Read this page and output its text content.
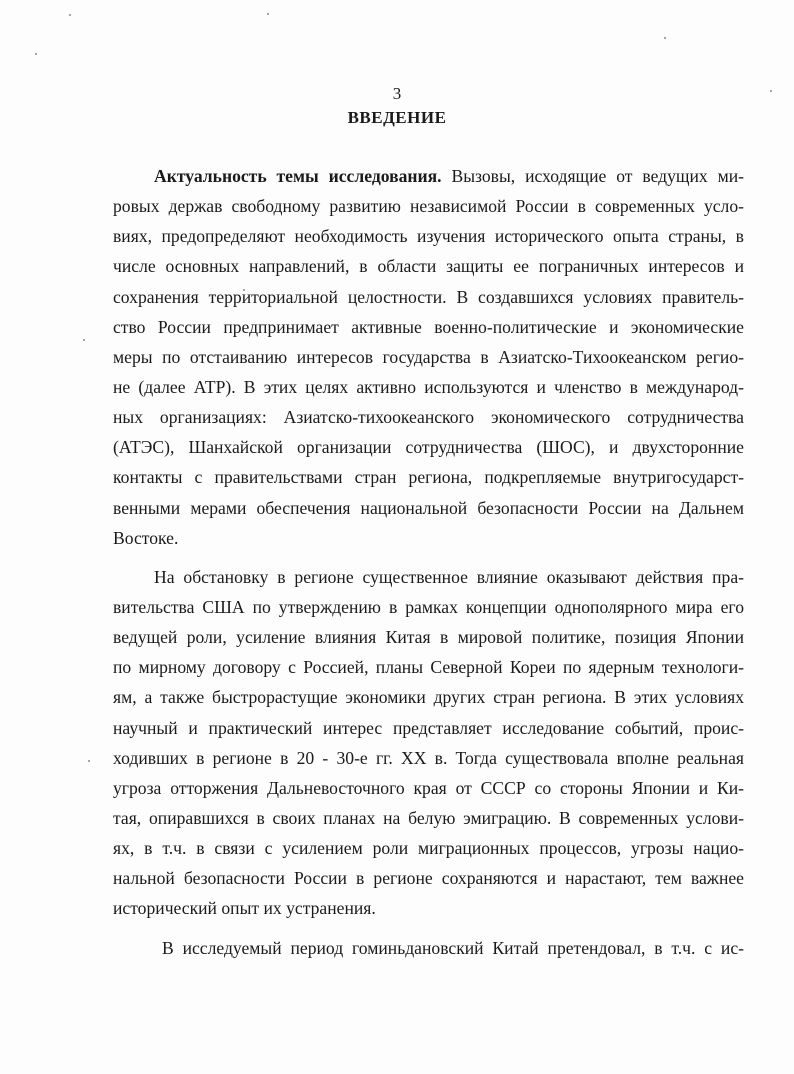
3
ВВЕДЕНИЕ
Актуальность темы исследования. Вызовы, исходящие от ведущих ми-
ровых держав свободному развитию независимой России в современных усло-
виях, предопределяют необходимость изучения исторического опыта страны, в
числе основных направлений, в области защиты ее пограничных интересов и
сохранения территориальной целостности. В создавшихся условиях правитель-
ство России предпринимает активные военно-политические и экономические
меры по отстаиванию интересов государства в Азиатско-Тихоокеанском регио-
не (далее АТР). В этих целях активно используются и членство в международ-
ных организациях: Азиатско-тихоокеанского экономического сотрудничества
(АТЭС), Шанхайской организации сотрудничества (ШОС), и двухсторонние
контакты с правительствами стран региона, подкрепляемые внутригосударст-
венными мерами обеспечения национальной безопасности России на Дальнем
Востоке.
На обстановку в регионе существенное влияние оказывают действия пра-
вительства США по утверждению в рамках концепции однополярного мира его
ведущей роли, усиление влияния Китая в мировой политике, позиция Японии
по мирному договору с Россией, планы Северной Кореи по ядерным технологи-
ям, а также быстрорастущие экономики других стран региона. В этих условиях
научный и практический интерес представляет исследование событий, проис-
ходивших в регионе в 20 - 30-е гг. XX в. Тогда существовала вполне реальная
угроза отторжения Дальневосточного края от СССР со стороны Японии и Ки-
тая, опиравшихся в своих планах на белую эмиграцию. В современных услови-
ях, в т.ч. в связи с усилением роли миграционных процессов, угрозы нацио-
нальной безопасности России в регионе сохраняются и нарастают, тем важнее
исторический опыт их устранения.
В исследуемый период гоминьдановский Китай претендовал, в т.ч. с ис-
